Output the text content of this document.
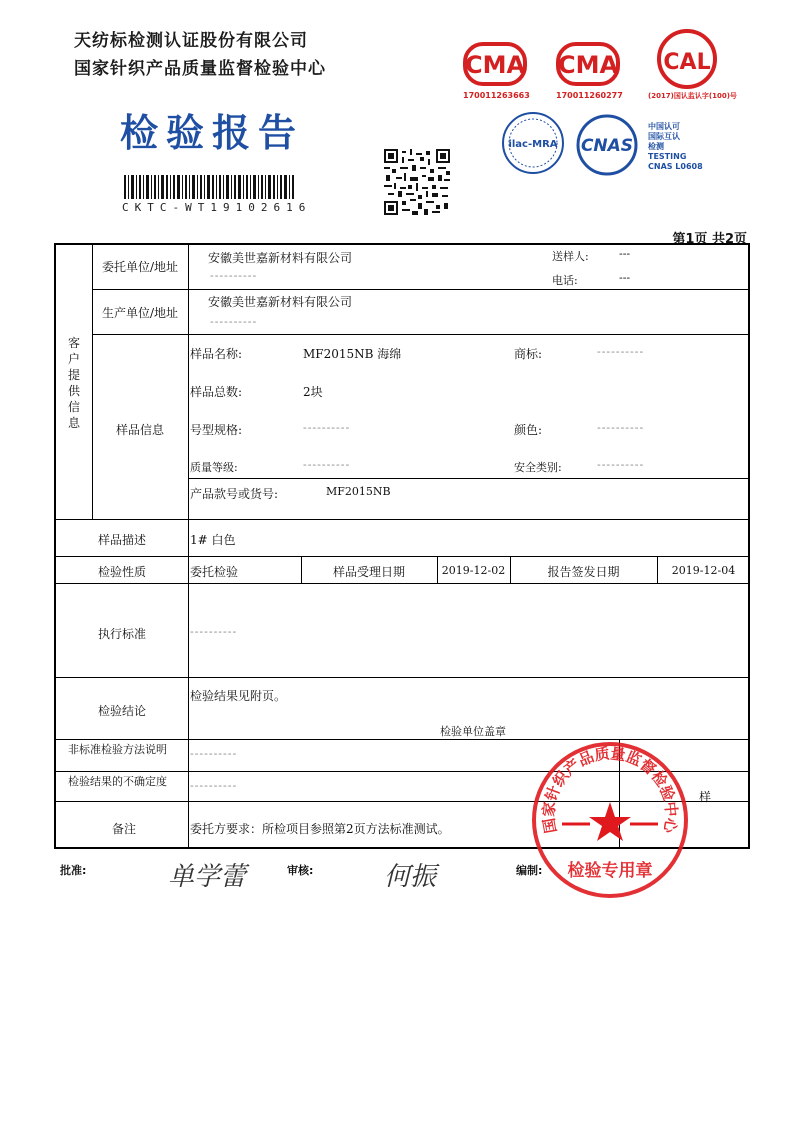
天纺标检测认证股份有限公司
国家针织产品质量监督检验中心
检验报告
CKTC-WT19102616
CMA
170011263663
CMA
170011260277
CAL
(2017)国认监认字(100)号
ilac-MRA CNAS
中国认可
国际互认
检测
TESTING
CNAS L0608
第1页 共2页
客户提供信息
委托单位/地址
安徽美世嘉新材料有限公司
----------
送样人:	---
电话:	---
生产单位/地址
安徽美世嘉新材料有限公司
----------
样品信息
样品名称:	MF2015NB 海绵	商标:	----------
样品总数:	2块
号型规格:	----------	颜色:	----------
质量等级:	----------	安全类别:	----------
产品款号或货号:	MF2015NB
样品描述	1# 白色
检验性质	委托检验	样品受理日期	2019-12-02	报告签发日期	2019-12-04
执行标准	----------
检验结论
检验结果见附页。
检验单位盖章
非标准检验方法说明 ----------
检验结果的不确定度 ----------
备注	委托方要求：所检项目参照第2页方法标准测试。
样
批准:	单学蕾	审核:	何振	编制:
国家针织产品质量监督检验中心
检验专用章
